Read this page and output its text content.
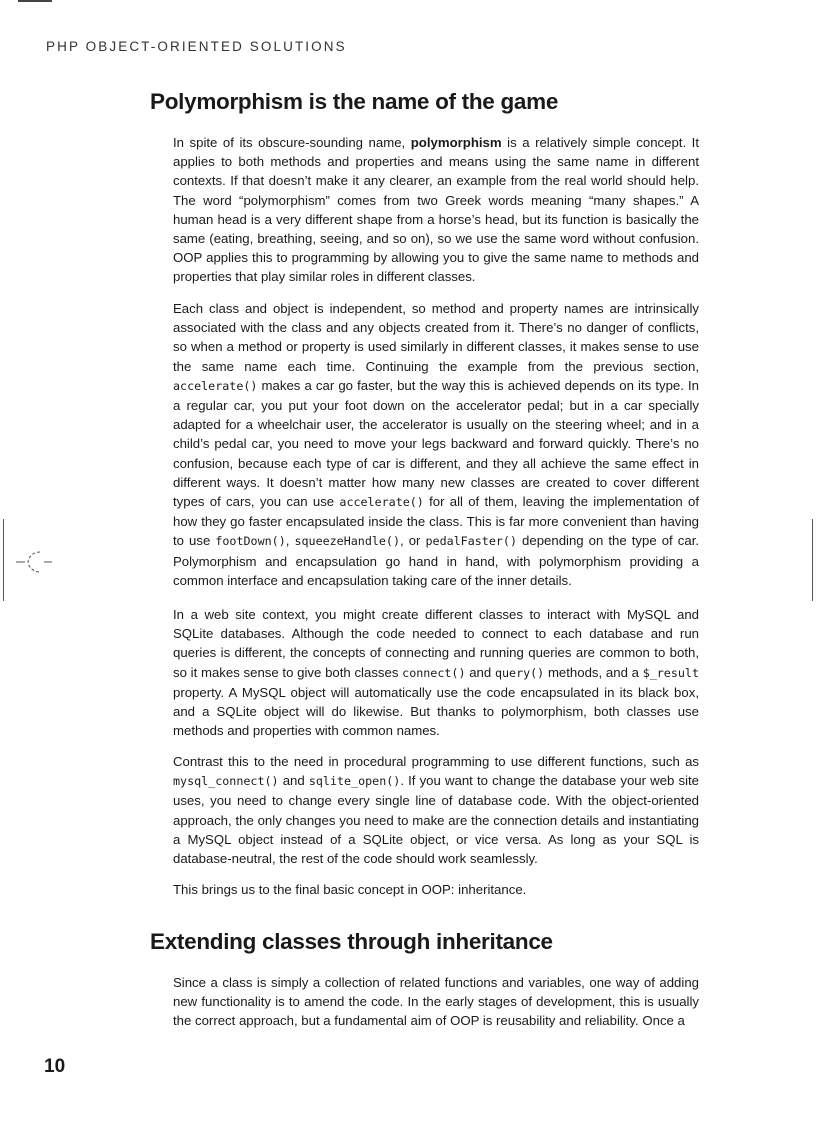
PHP OBJECT-ORIENTED SOLUTIONS
Polymorphism is the name of the game

In spite of its obscure-sounding name, polymorphism is a relatively simple concept. It applies to both methods and properties and means using the same name in different contexts. If that doesn’t make it any clearer, an example from the real world should help. The word “polymorphism” comes from two Greek words meaning “many shapes.” A human head is a very different shape from a horse’s head, but its function is basically the same (eating, breathing, seeing, and so on), so we use the same word without confusion. OOP applies this to programming by allowing you to give the same name to methods and properties that play similar roles in different classes.

Each class and object is independent, so method and property names are intrinsically associated with the class and any objects created from it. There’s no danger of conflicts, so when a method or property is used similarly in different classes, it makes sense to use the same name each time. Continuing the example from the previous section, accelerate() makes a car go faster, but the way this is achieved depends on its type. In a regular car, you put your foot down on the accelerator pedal; but in a car specially adapted for a wheelchair user, the accelerator is usually on the steering wheel; and in a child’s pedal car, you need to move your legs backward and forward quickly. There’s no confusion, because each type of car is different, and they all achieve the same effect in different ways. It doesn’t matter how many new classes are created to cover different types of cars, you can use accelerate() for all of them, leaving the implementation of how they go faster encapsulated inside the class. This is far more convenient than having to use footDown(), squeezeHandle(), or pedalFaster() depending on the type of car. Polymorphism and encapsulation go hand in hand, with polymorphism providing a common interface and encapsulation taking care of the inner details.

In a web site context, you might create different classes to interact with MySQL and SQLite databases. Although the code needed to connect to each database and run queries is different, the concepts of connecting and running queries are common to both, so it makes sense to give both classes connect() and query() methods, and a $_result property. A MySQL object will automatically use the code encapsulated in its black box, and a SQLite object will do likewise. But thanks to polymorphism, both classes use methods and properties with common names.

Contrast this to the need in procedural programming to use different functions, such as mysql_connect() and sqlite_open(). If you want to change the database your web site uses, you need to change every single line of database code. With the object-oriented approach, the only changes you need to make are the connection details and instantiating a MySQL object instead of a SQLite object, or vice versa. As long as your SQL is database-neutral, the rest of the code should work seamlessly.

This brings us to the final basic concept in OOP: inheritance.

Extending classes through inheritance

Since a class is simply a collection of related functions and variables, one way of adding new functionality is to amend the code. In the early stages of development, this is usually the correct approach, but a fundamental aim of OOP is reusability and reliability. Once a

10
